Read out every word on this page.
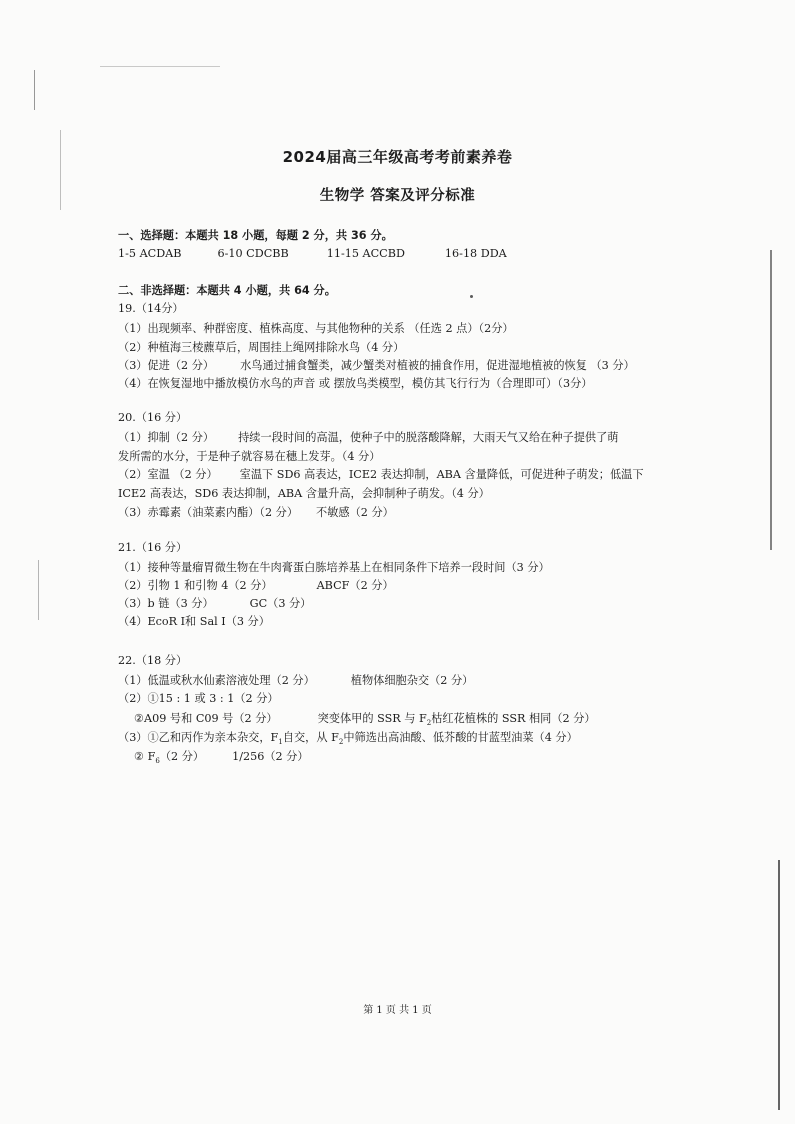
2024届高三年级高考考前素养卷
生物学 答案及评分标准
一、选择题：本题共 18 小题，每题 2 分，共 36 分。
1-5 ACDAB	6-10 CDCBB	11-15 ACCBD	16-18 DDA
二、非选择题：本题共 4 小题，共 64 分。
19.（14分）
（1）出现频率、种群密度、植株高度、与其他物种的关系 （任选 2 点）（2分）
（2）种植海三棱藨草后，周围挂上绳网排除水鸟（4 分）
（3）促进（2 分） 水鸟通过捕食蟹类，减少蟹类对植被的捕食作用，促进湿地植被的恢复 （3 分）
（4）在恢复湿地中播放模仿水鸟的声音 或 摆放鸟类模型，模仿其飞行行为（合理即可）（3分）
20.（16 分）
（1）抑制（2 分） 持续一段时间的高温，使种子中的脱落酸降解，大雨天气又给在种子提供了萌
发所需的水分，于是种子就容易在穗上发芽。（4 分）
（2）室温 （2 分） 室温下 SD6 高表达，ICE2 表达抑制，ABA 含量降低，可促进种子萌发；低温下
ICE2 高表达，SD6 表达抑制，ABA 含量升高，会抑制种子萌发。（4 分）
（3）赤霉素（油菜素内酯）（2 分） 不敏感（2 分）
21.（16 分）
（1）接种等量瘤胃微生物在牛肉膏蛋白胨培养基上在相同条件下培养一段时间（3 分）
（2）引物 1 和引物 4（2 分）	ABCF（2 分）
（3）b 链（3 分）	GC（3 分）
（4）EcoR Ⅰ和 Sal Ⅰ（3 分）
22.（18 分）
（1）低温或秋水仙素溶液处理（2 分）	植物体细胞杂交（2 分）
（2）①15 : 1 或 3 : 1（2 分）
②A09 号和 C09 号（2 分）	突变体甲的 SSR 与 $F_2$枯红花植株的 SSR 相同（2 分）
（3）①乙和丙作为亲本杂交，$F_1$自交，从 $F_2$中筛选出高油酸、低芥酸的甘蓝型油菜（4 分）
② $F_6(2$ 分）	1/256（2 分）
第 1 页 共 1 页
